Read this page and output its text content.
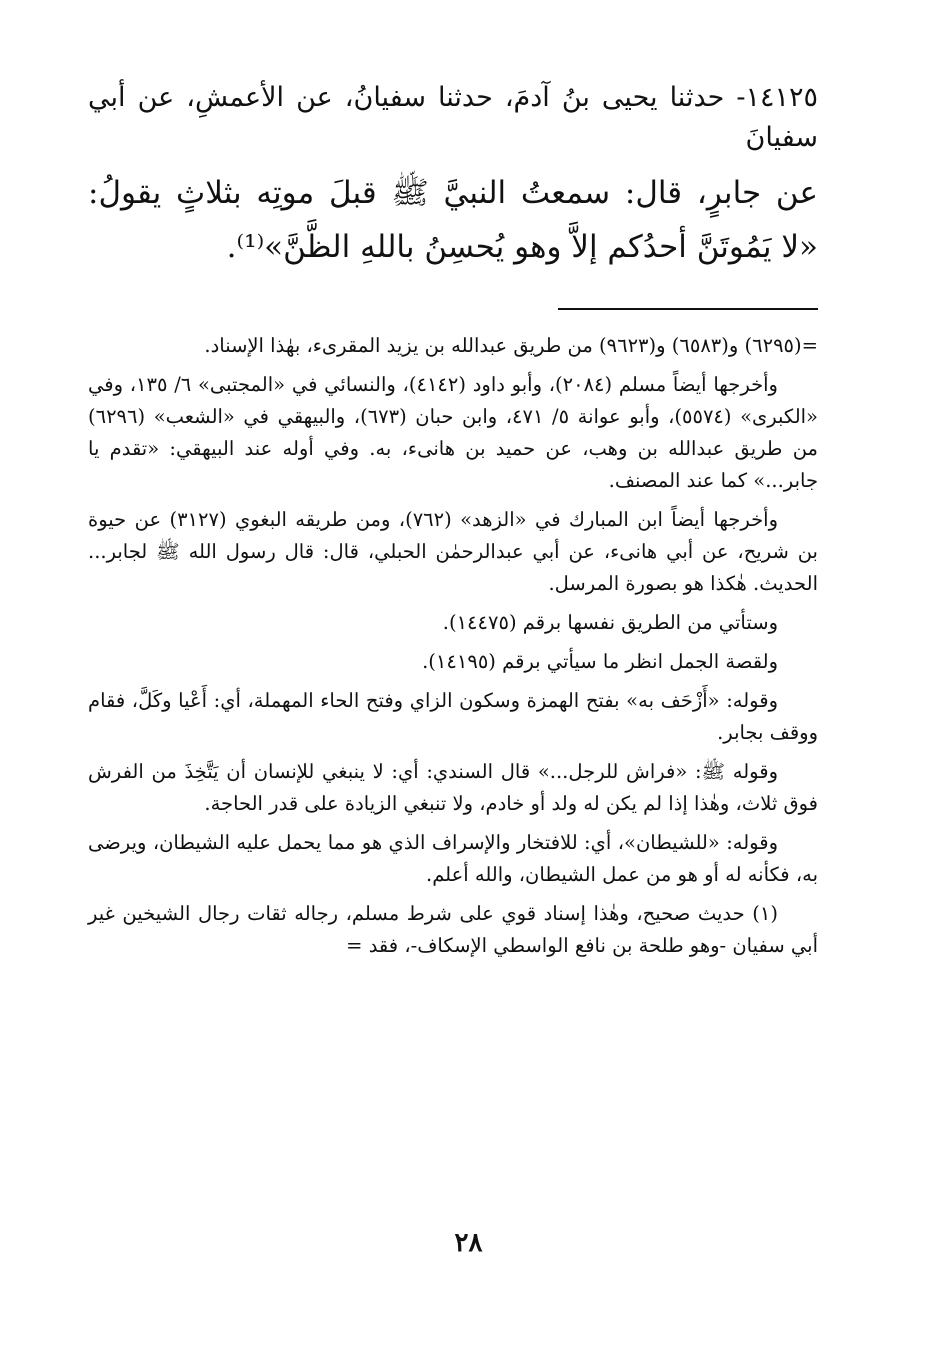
١٤١٢٥- حدثنا يحيى بنُ آدمَ، حدثنا سفيانُ، عن الأعمشِ، عن أبي سفيانَ

عن جابرٍ، قال: سمعتُ النبيَّ ﷺ قبلَ موتِه بثلاثٍ يقولُ: «لا يَمُوتَنَّ أحدُكم إلاَّ وهو يُحسِنُ باللهِ الظَّنَّ»⁽¹⁾.

=(٦٢٩٥) و(٦٥٨٣) و(٩٦٢٣) من طريق عبدالله بن يزيد المقرىء، بهٰذا الإسناد.

وأخرجها أيضاً مسلم (٢٠٨٤)، وأبو داود (٤١٤٢)، والنسائي في «المجتبى» ٦/ ١٣٥، وفي «الكبرى» (٥٥٧٤)، وأبو عوانة ٥/ ٤٧١، وابن حبان (٦٧٣)، والبيهقي في «الشعب» (٦٢٩٦) من طريق عبدالله بن وهب، عن حميد بن هانىء، به. وفي أوله عند البيهقي: «تقدم يا جابر...» كما عند المصنف.

وأخرجها أيضاً ابن المبارك في «الزهد» (٧٦٢)، ومن طريقه البغوي (٣١٢٧) عن حيوة بن شريح، عن أبي هانىء، عن أبي عبدالرحمٰن الحبلي، قال: قال رسول الله ﷺ لجابر... الحديث. هٰكذا هو بصورة المرسل.

وستأتي من الطريق نفسها برقم (١٤٤٧٥).

ولقصة الجمل انظر ما سيأتي برقم (١٤١٩٥).

وقوله: «أَزْحَف به» بفتح الهمزة وسكون الزاي وفتح الحاء المهملة، أي: أَعْيا وكَلَّ، فقام ووقف بجابر.

وقوله ﷺ: «فراش للرجل...» قال السندي: أي: لا ينبغي للإنسان أن يَتَّخِذَ من الفرش فوق ثلاث، وهٰذا إذا لم يكن له ولد أو خادم، ولا تنبغي الزيادة على قدر الحاجة.

وقوله: «للشيطان»، أي: للافتخار والإسراف الذي هو مما يحمل عليه الشيطان، ويرضى به، فكأنه له أو هو من عمل الشيطان، والله أعلم.

(١) حديث صحيح، وهٰذا إسناد قوي على شرط مسلم، رجاله ثقات رجال الشيخين غير أبي سفيان -وهو طلحة بن نافع الواسطي الإسكاف-، فقد =

٢٨
